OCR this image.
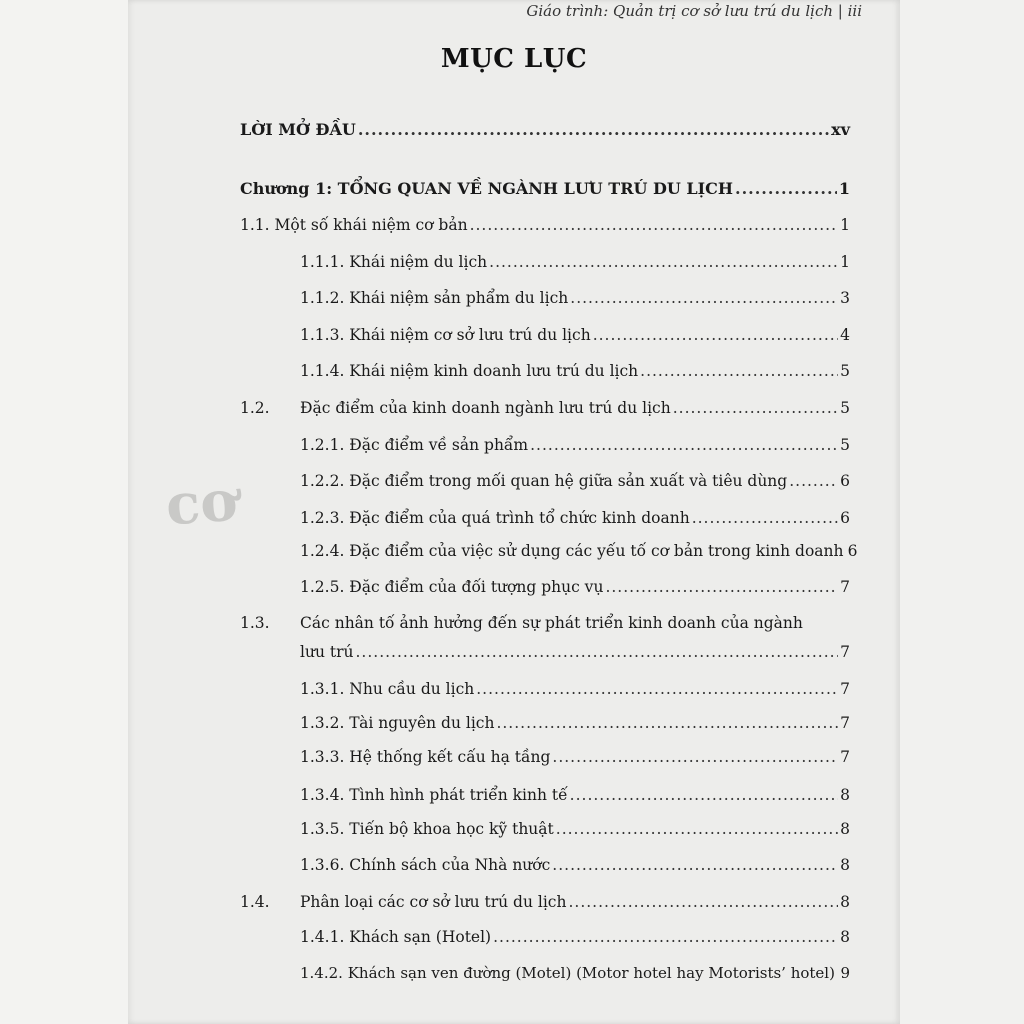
cơ
Giáo trình: Quản trị cơ sở lưu trú du lịch | iii
MỤC LỤC
LỜI MỞ ĐẦU .....	xv
Chương 1: TỔNG QUAN VỀ NGÀNH LƯU TRÚ DU LỊCH .....	1
1.1. Một số khái niệm cơ bản .....	1
1.1.1. Khái niệm du lịch .....	1
1.1.2. Khái niệm sản phẩm du lịch .....	3
1.1.3. Khái niệm cơ sở lưu trú du lịch .....	4
1.1.4. Khái niệm kinh doanh lưu trú du lịch .....	5
1.2.	Đặc điểm của kinh doanh ngành lưu trú du lịch .....	5
1.2.1. Đặc điểm về sản phẩm .....	5
1.2.2. Đặc điểm trong mối quan hệ giữa sản xuất và tiêu dùng .....	6
1.2.3. Đặc điểm của quá trình tổ chức kinh doanh .....	6
1.2.4. Đặc điểm của việc sử dụng các yếu tố cơ bản trong kinh doanh 6
1.2.5. Đặc điểm của đối tượng phục vụ .....	7
1.3. Các nhân tố ảnh hưởng đến sự phát triển kinh doanh của ngành
lưu trú .....	7
1.3.1. Nhu cầu du lịch .....	7
1.3.2. Tài nguyên du lịch .....	7
1.3.3. Hệ thống kết cấu hạ tầng .....	7
1.3.4. Tình hình phát triển kinh tế .....	8
1.3.5. Tiến bộ khoa học kỹ thuật .....	8
1.3.6. Chính sách của Nhà nước .....	8
1.4.	Phân loại các cơ sở lưu trú du lịch .....	8
1.4.1. Khách sạn (Hotel) .....	8
1.4.2. Khách sạn ven đường (Motel) (Motor hotel hay Motorists’ hotel) ..... 9
